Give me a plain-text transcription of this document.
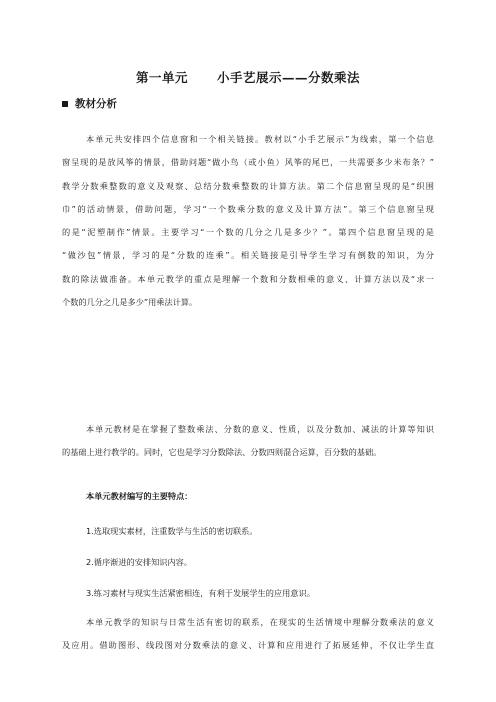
第一单元      小手艺展示——分数乘法
教材分析
本单元共安排四个信息窗和一个相关链接。教材以“小手艺展示”为线索，第一个信息
窗呈现的是放风筝的情景，借助问题“做小鸟（或小鱼）风筝的尾巴，一共需要多少米布条？”
教学分数乘整数的意义及观察、总结分数乘整数的计算方法。第二个信息窗呈现的是“织围
巾”的活动情景，借助问题，学习“一个数乘分数的意义及计算方法”。第三个信息窗呈现
的是“泥塑制作”情景。主要学习“一个数的几分之几是多少？”。第四个信息窗呈现的是
“做沙包”情景，学习的是“分数的连乘”。相关链接是引导学生学习有倒数的知识，为分
数的除法做准备。本单元教学的重点是理解一个数和分数相乘的意义、计算方法以及“求一
个数的几分之几是多少”用乘法计算。
本单元教材是在掌握了整数乘法、分数的意义、性质，以及分数加、减法的计算等知识
的基础上进行教学的。同时，它也是学习分数除法、分数四则混合运算，百分数的基础。
本单元教材编写的主要特点：
1.选取现实素材，注重数学与生活的密切联系。
2.循序渐进的安排知识内容。
3.练习素材与现实生活紧密相连，有利于发展学生的应用意识。
本单元教学的知识与日常生活有密切的联系，在现实的生活情境中理解分数乘法的意义
及应用。借助图形、线段图对分数乘法的意义、计算和应用进行了拓展延伸，不仅让学生直
